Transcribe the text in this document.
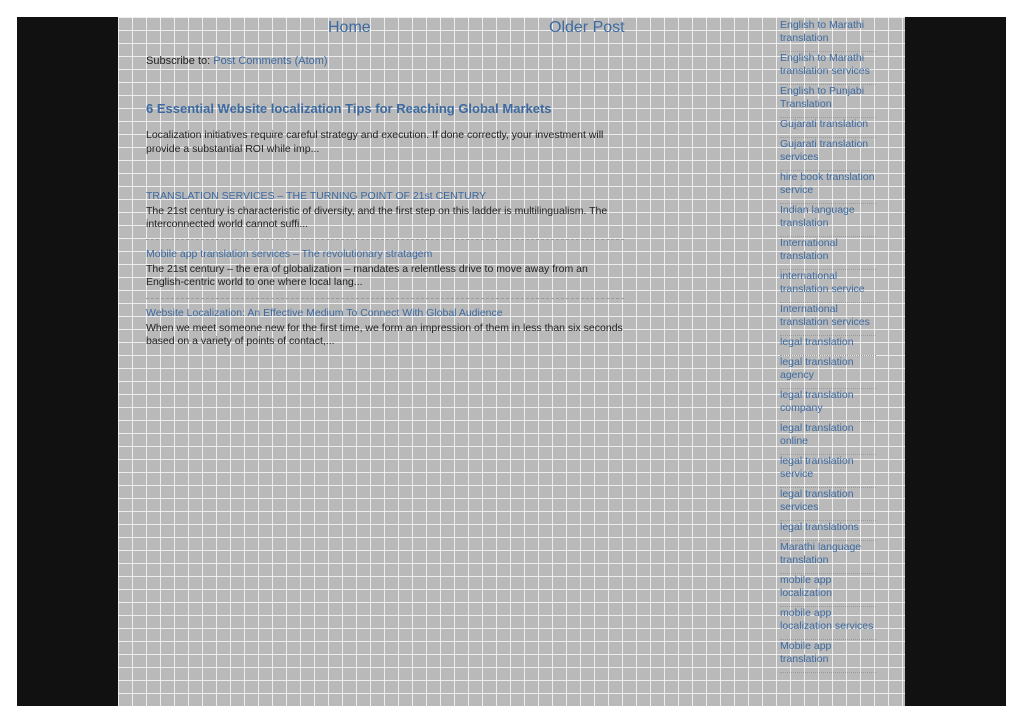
Home	Older Post
Subscribe to: Post Comments (Atom)
6 Essential Website localization Tips for Reaching Global Markets
Localization initiatives require careful strategy and execution. If done correctly, your investment will provide a substantial ROI while imp...
TRANSLATION SERVICES – THE TURNING POINT OF 21st CENTURY
The 21st century is characteristic of diversity, and the first step on this ladder is multilingualism. The interconnected world cannot suffi...
Mobile app translation services – The revolutionary stratagem
The 21st century – the era of globalization – mandates a relentless drive to move away from an English-centric world to one where local lang...
Website Localization: An Effective Medium To Connect With Global Audience
When we meet someone new for the first time, we form an impression of them in less than six seconds based on a variety of points of contact,...
English to Marathi translation
English to Marathi translation services
English to Punjabi Translation
Gujarati translation
Gujarati translation services
hire book translation service
Indian language translation
International translation
international translation service
International translation services
legal translation
legal translation agency
legal translation company
legal translation online
legal translation service
legal translation services
legal translations
Marathi language translation
mobile app localization
mobile app localization services
Mobile app translation
